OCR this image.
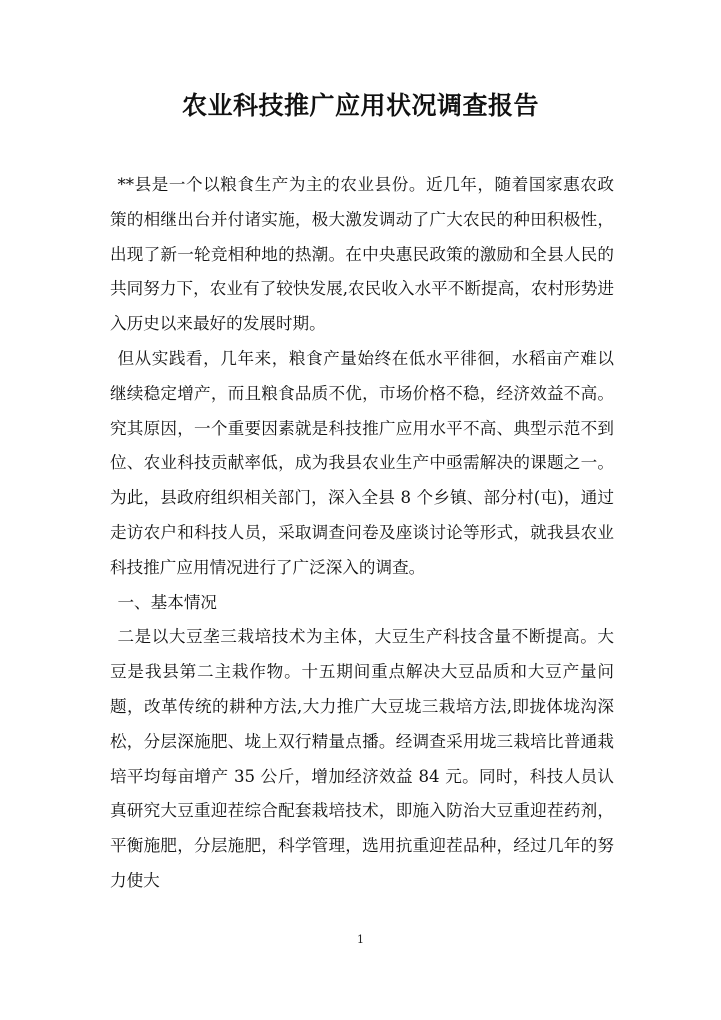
农业科技推广应用状况调查报告

**县是一个以粮食生产为主的农业县份。近几年，随着国家惠农政策的相继出台并付诸实施，极大激发调动了广大农民的种田积极性，出现了新一轮竞相种地的热潮。在中央惠民政策的激励和全县人民的共同努力下，农业有了较快发展,农民收入水平不断提高，农村形势进入历史以来最好的发展时期。

但从实践看，几年来，粮食产量始终在低水平徘徊，水稻亩产难以继续稳定增产，而且粮食品质不优，市场价格不稳，经济效益不高。究其原因，一个重要因素就是科技推广应用水平不高、典型示范不到位、农业科技贡献率低，成为我县农业生产中亟需解决的课题之一。为此，县政府组织相关部门，深入全县 8 个乡镇、部分村(屯)，通过走访农户和科技人员，采取调查问卷及座谈讨论等形式，就我县农业科技推广应用情况进行了广泛深入的调查。

一、基本情况

二是以大豆垄三栽培技术为主体，大豆生产科技含量不断提高。大豆是我县第二主栽作物。十五期间重点解决大豆品质和大豆产量问题，改革传统的耕种方法,大力推广大豆垅三栽培方法,即拢体垅沟深松，分层深施肥、垅上双行精量点播。经调查采用垅三栽培比普通栽培平均每亩增产 35 公斤，增加经济效益 84 元。同时，科技人员认真研究大豆重迎茬综合配套栽培技术，即施入防治大豆重迎茬药剂，平衡施肥，分层施肥，科学管理，选用抗重迎茬品种，经过几年的努力使大

1
